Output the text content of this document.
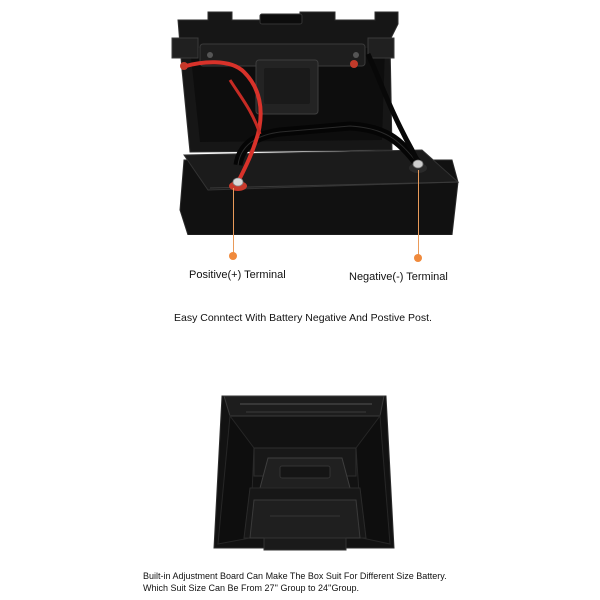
Positive(+) Terminal	Negative(-) Terminal
Easy Conntect With Battery Negative And Postive Post.
Built-in Adjustment Board Can Make The Box Suit For Different Size Battery.
Which Suit Size Can Be From 27'' Group to 24''Group.
